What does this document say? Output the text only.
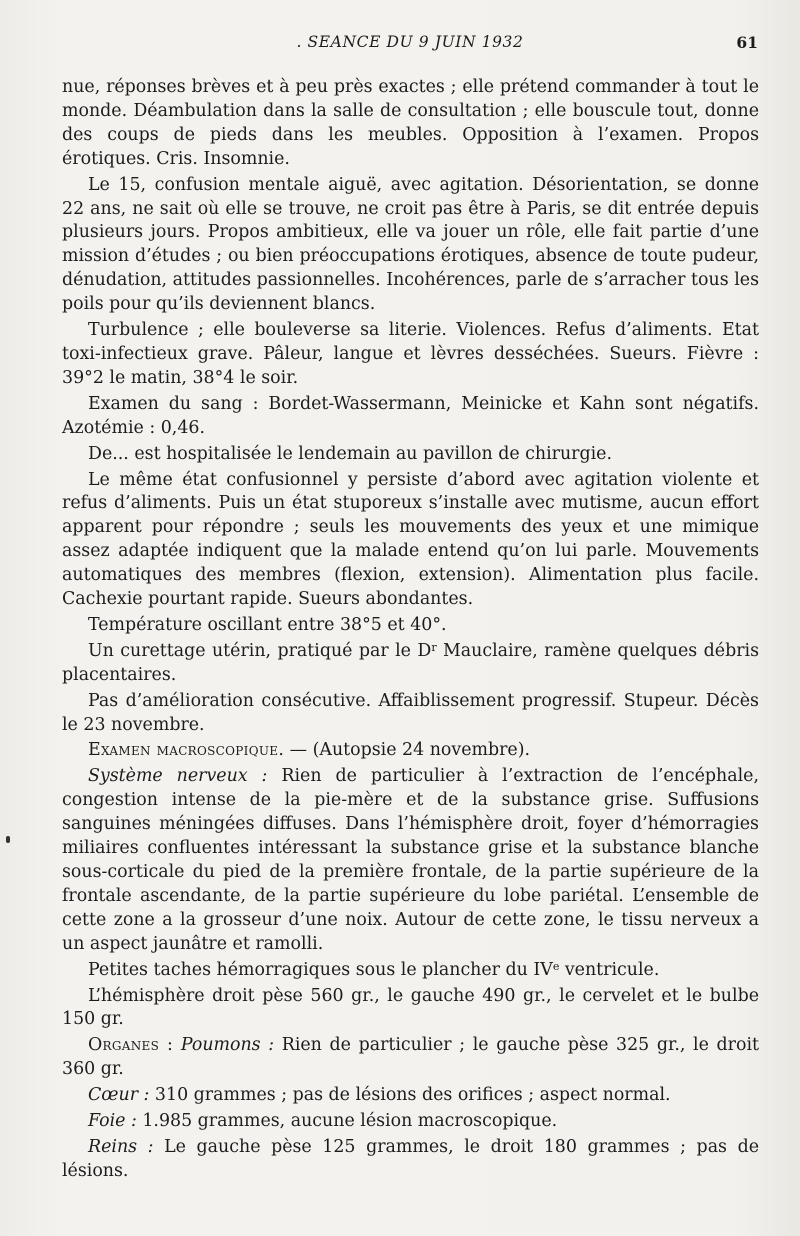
. SEANCE DU 9 JUIN 1932	61

nue, réponses brèves et à peu près exactes ; elle prétend commander à tout le monde. Déambulation dans la salle de consultation ; elle bouscule tout, donne des coups de pieds dans les meubles. Opposition à l’examen. Propos érotiques. Cris. Insomnie.

Le 15, confusion mentale aiguë, avec agitation. Désorientation, se donne 22 ans, ne sait où elle se trouve, ne croit pas être à Paris, se dit entrée depuis plusieurs jours. Propos ambitieux, elle va jouer un rôle, elle fait partie d’une mission d’études ; ou bien préoccupations érotiques, absence de toute pudeur, dénudation, attitudes passionnelles. Incohérences, parle de s’arracher tous les poils pour qu’ils deviennent blancs.

Turbulence ; elle bouleverse sa literie. Violences. Refus d’aliments. Etat toxi-infectieux grave. Pâleur, langue et lèvres desséchées. Sueurs. Fièvre : 39°2 le matin, 38°4 le soir.

Examen du sang : Bordet-Wassermann, Meinicke et Kahn sont négatifs. Azotémie : 0,46.

De... est hospitalisée le lendemain au pavillon de chirurgie.

Le même état confusionnel y persiste d’abord avec agitation violente et refus d’aliments. Puis un état stuporeux s’installe avec mutisme, aucun effort apparent pour répondre ; seuls les mouvements des yeux et une mimique assez adaptée indiquent que la malade entend qu’on lui parle. Mouvements automatiques des membres (flexion, extension). Alimentation plus facile. Cachexie pourtant rapide. Sueurs abondantes.

Température oscillant entre 38°5 et 40°.

Un curettage utérin, pratiqué par le $D^r$ Mauclaire, ramène quelques débris placentaires.

Pas d’amélioration consécutive. Affaiblissement progressif. Stupeur. Décès le 23 novembre.

Examen macroscopique. — (Autopsie 24 novembre).

Système nerveux : Rien de particulier à l’extraction de l’encéphale, congestion intense de la pie-mère et de la substance grise. Suffusions sanguines méningées diffuses. Dans l’hémisphère droit, foyer d’hémorragies miliaires confluentes intéressant la substance grise et la substance blanche sous-corticale du pied de la première frontale, de la partie supérieure de la frontale ascendante, de la partie supérieure du lobe pariétal. L’ensemble de cette zone a la grosseur d’une noix. Autour de cette zone, le tissu nerveux a un aspect jaunâtre et ramolli.

Petites taches hémorragiques sous le plancher du IVe ventricule.

L’hémisphère droit pèse 560 gr., le gauche 490 gr., le cervelet et le bulbe 150 gr.

Organes : Poumons : Rien de particulier ; le gauche pèse 325 gr., le droit 360 gr.

Cœur : 310 grammes ; pas de lésions des orifices ; aspect normal.

Foie : 1.985 grammes, aucune lésion macroscopique.

Reins : Le gauche pèse 125 grammes, le droit 180 grammes ; pas de lésions.
